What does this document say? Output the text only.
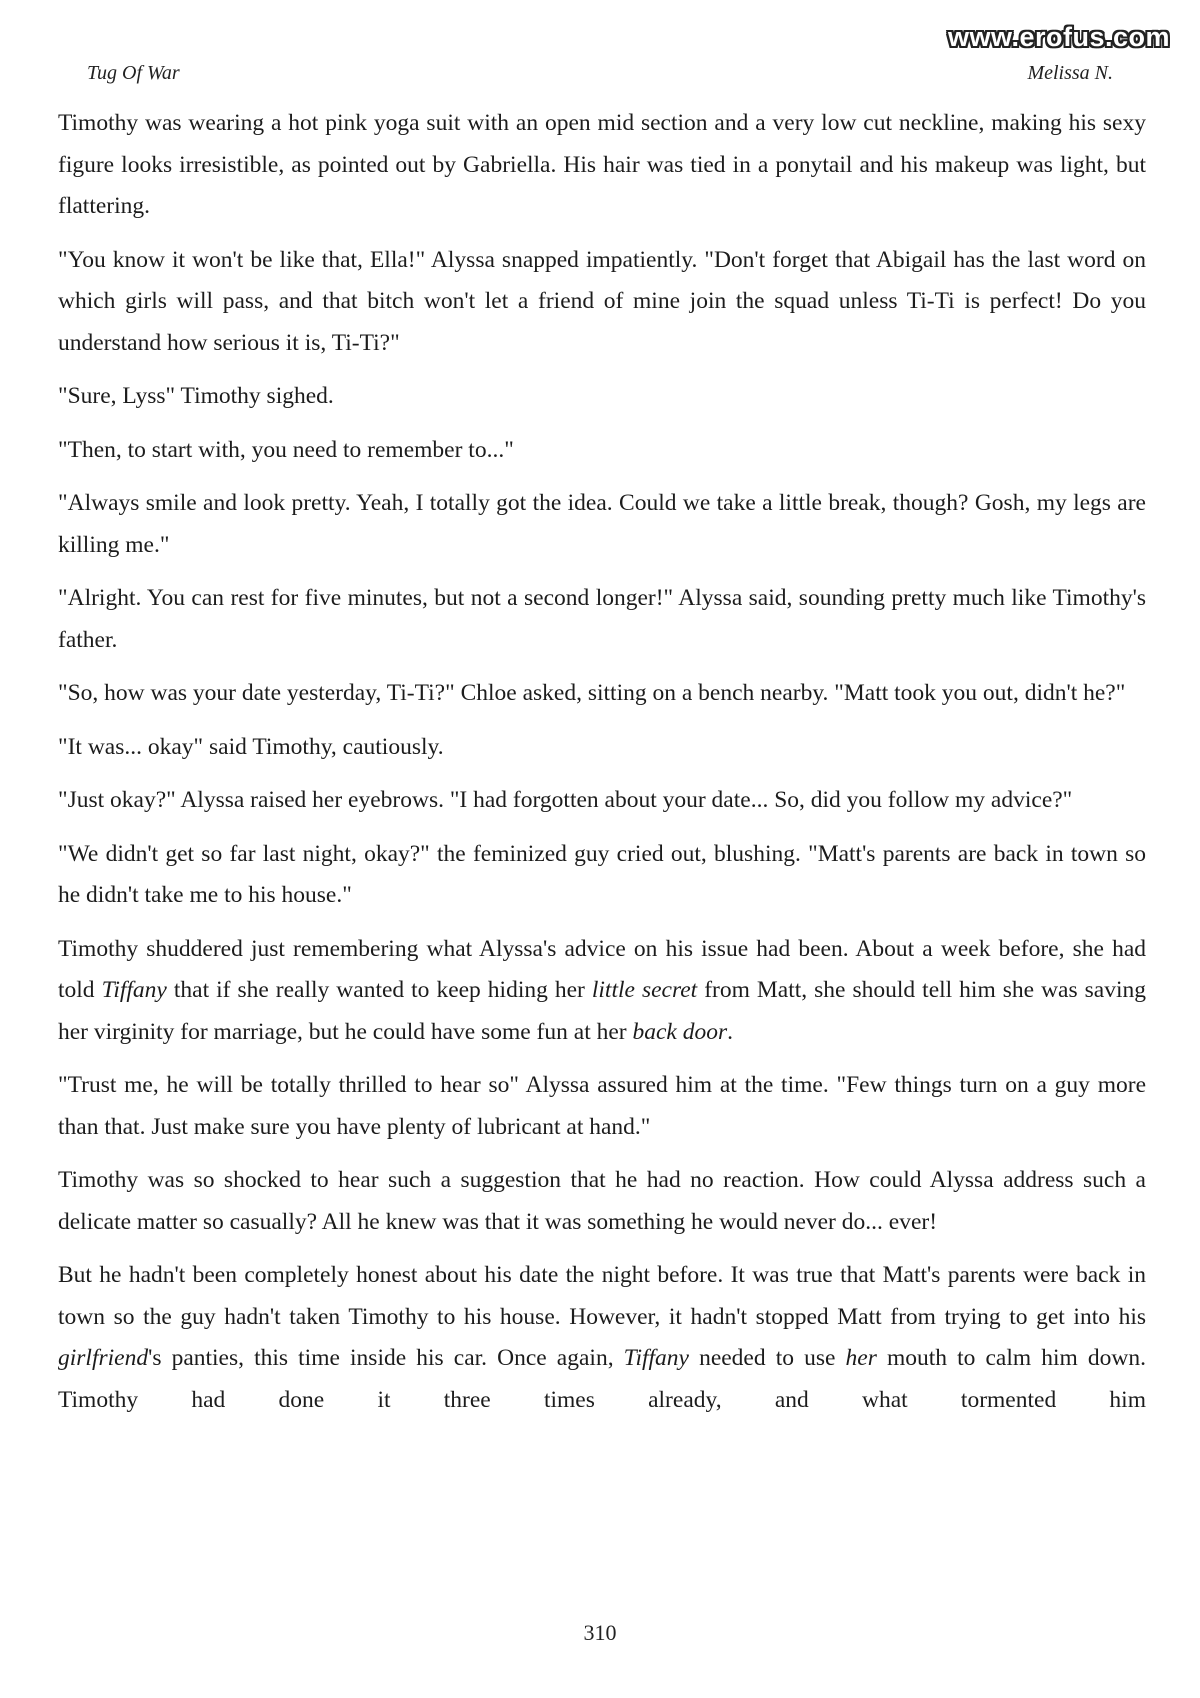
www.erofus.com
Tug Of War	Melissa N.

Timothy was wearing a hot pink yoga suit with an open mid section and a very low cut neckline, making his sexy figure looks irresistible, as pointed out by Gabriella. His hair was tied in a ponytail and his makeup was light, but flattering.

"You know it won't be like that, Ella!" Alyssa snapped impatiently. "Don't forget that Abigail has the last word on which girls will pass, and that bitch won't let a friend of mine join the squad unless Ti-Ti is perfect! Do you understand how serious it is, Ti-Ti?"

"Sure, Lyss" Timothy sighed.

"Then, to start with, you need to remember to..."

"Always smile and look pretty. Yeah, I totally got the idea. Could we take a little break, though? Gosh, my legs are killing me."

"Alright. You can rest for five minutes, but not a second longer!" Alyssa said, sounding pretty much like Timothy's father.

"So, how was your date yesterday, Ti-Ti?" Chloe asked, sitting on a bench nearby. "Matt took you out, didn't he?"

"It was... okay" said Timothy, cautiously.

"Just okay?" Alyssa raised her eyebrows. "I had forgotten about your date... So, did you follow my advice?"

"We didn't get so far last night, okay?" the feminized guy cried out, blushing. "Matt's parents are back in town so he didn't take me to his house."

Timothy shuddered just remembering what Alyssa's advice on his issue had been. About a week before, she had told Tiffany that if she really wanted to keep hiding her little secret from Matt, she should tell him she was saving her virginity for marriage, but he could have some fun at her back door.

"Trust me, he will be totally thrilled to hear so" Alyssa assured him at the time. "Few things turn on a guy more than that. Just make sure you have plenty of lubricant at hand."

Timothy was so shocked to hear such a suggestion that he had no reaction. How could Alyssa address such a delicate matter so casually? All he knew was that it was something he would never do... ever!

But he hadn't been completely honest about his date the night before. It was true that Matt's parents were back in town so the guy hadn't taken Timothy to his house. However, it hadn't stopped Matt from trying to get into his girlfriend's panties, this time inside his car. Once again, Tiffany needed to use her mouth to calm him down. Timothy had done it three times already, and what tormented him

310
